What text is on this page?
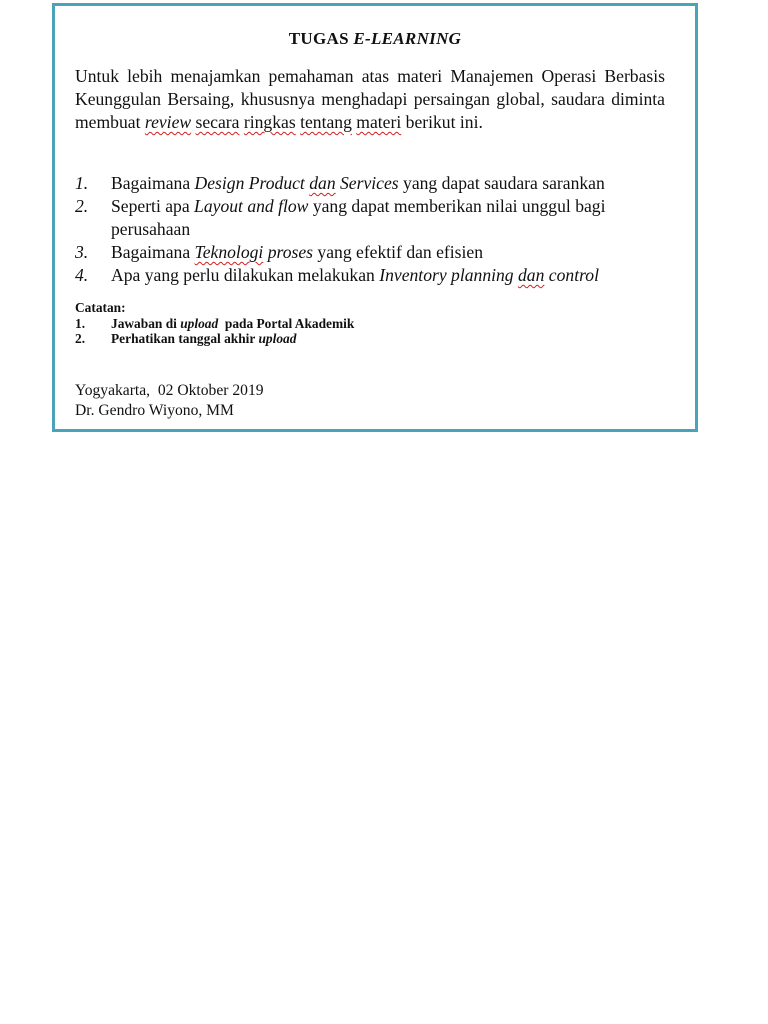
TUGAS E-LEARNING

Untuk lebih menajamkan pemahaman atas materi Manajemen Operasi Berbasis Keunggulan Bersaing, khususnya menghadapi persaingan global, saudara diminta membuat review secara ringkas tentang materi berikut ini.

1. Bagaimana Design Product dan Services yang dapat saudara sarankan
2. Seperti apa Layout and flow yang dapat memberikan nilai unggul bagi perusahaan
3. Bagaimana Teknologi proses yang efektif dan efisien
4. Apa yang perlu dilakukan melakukan Inventory planning dan control
Catatan:
1. Jawaban di upload  pada Portal Akademik
2. Perhatikan tanggal akhir upload
Yogyakarta,  02 Oktober 2019
Dr. Gendro Wiyono, MM
